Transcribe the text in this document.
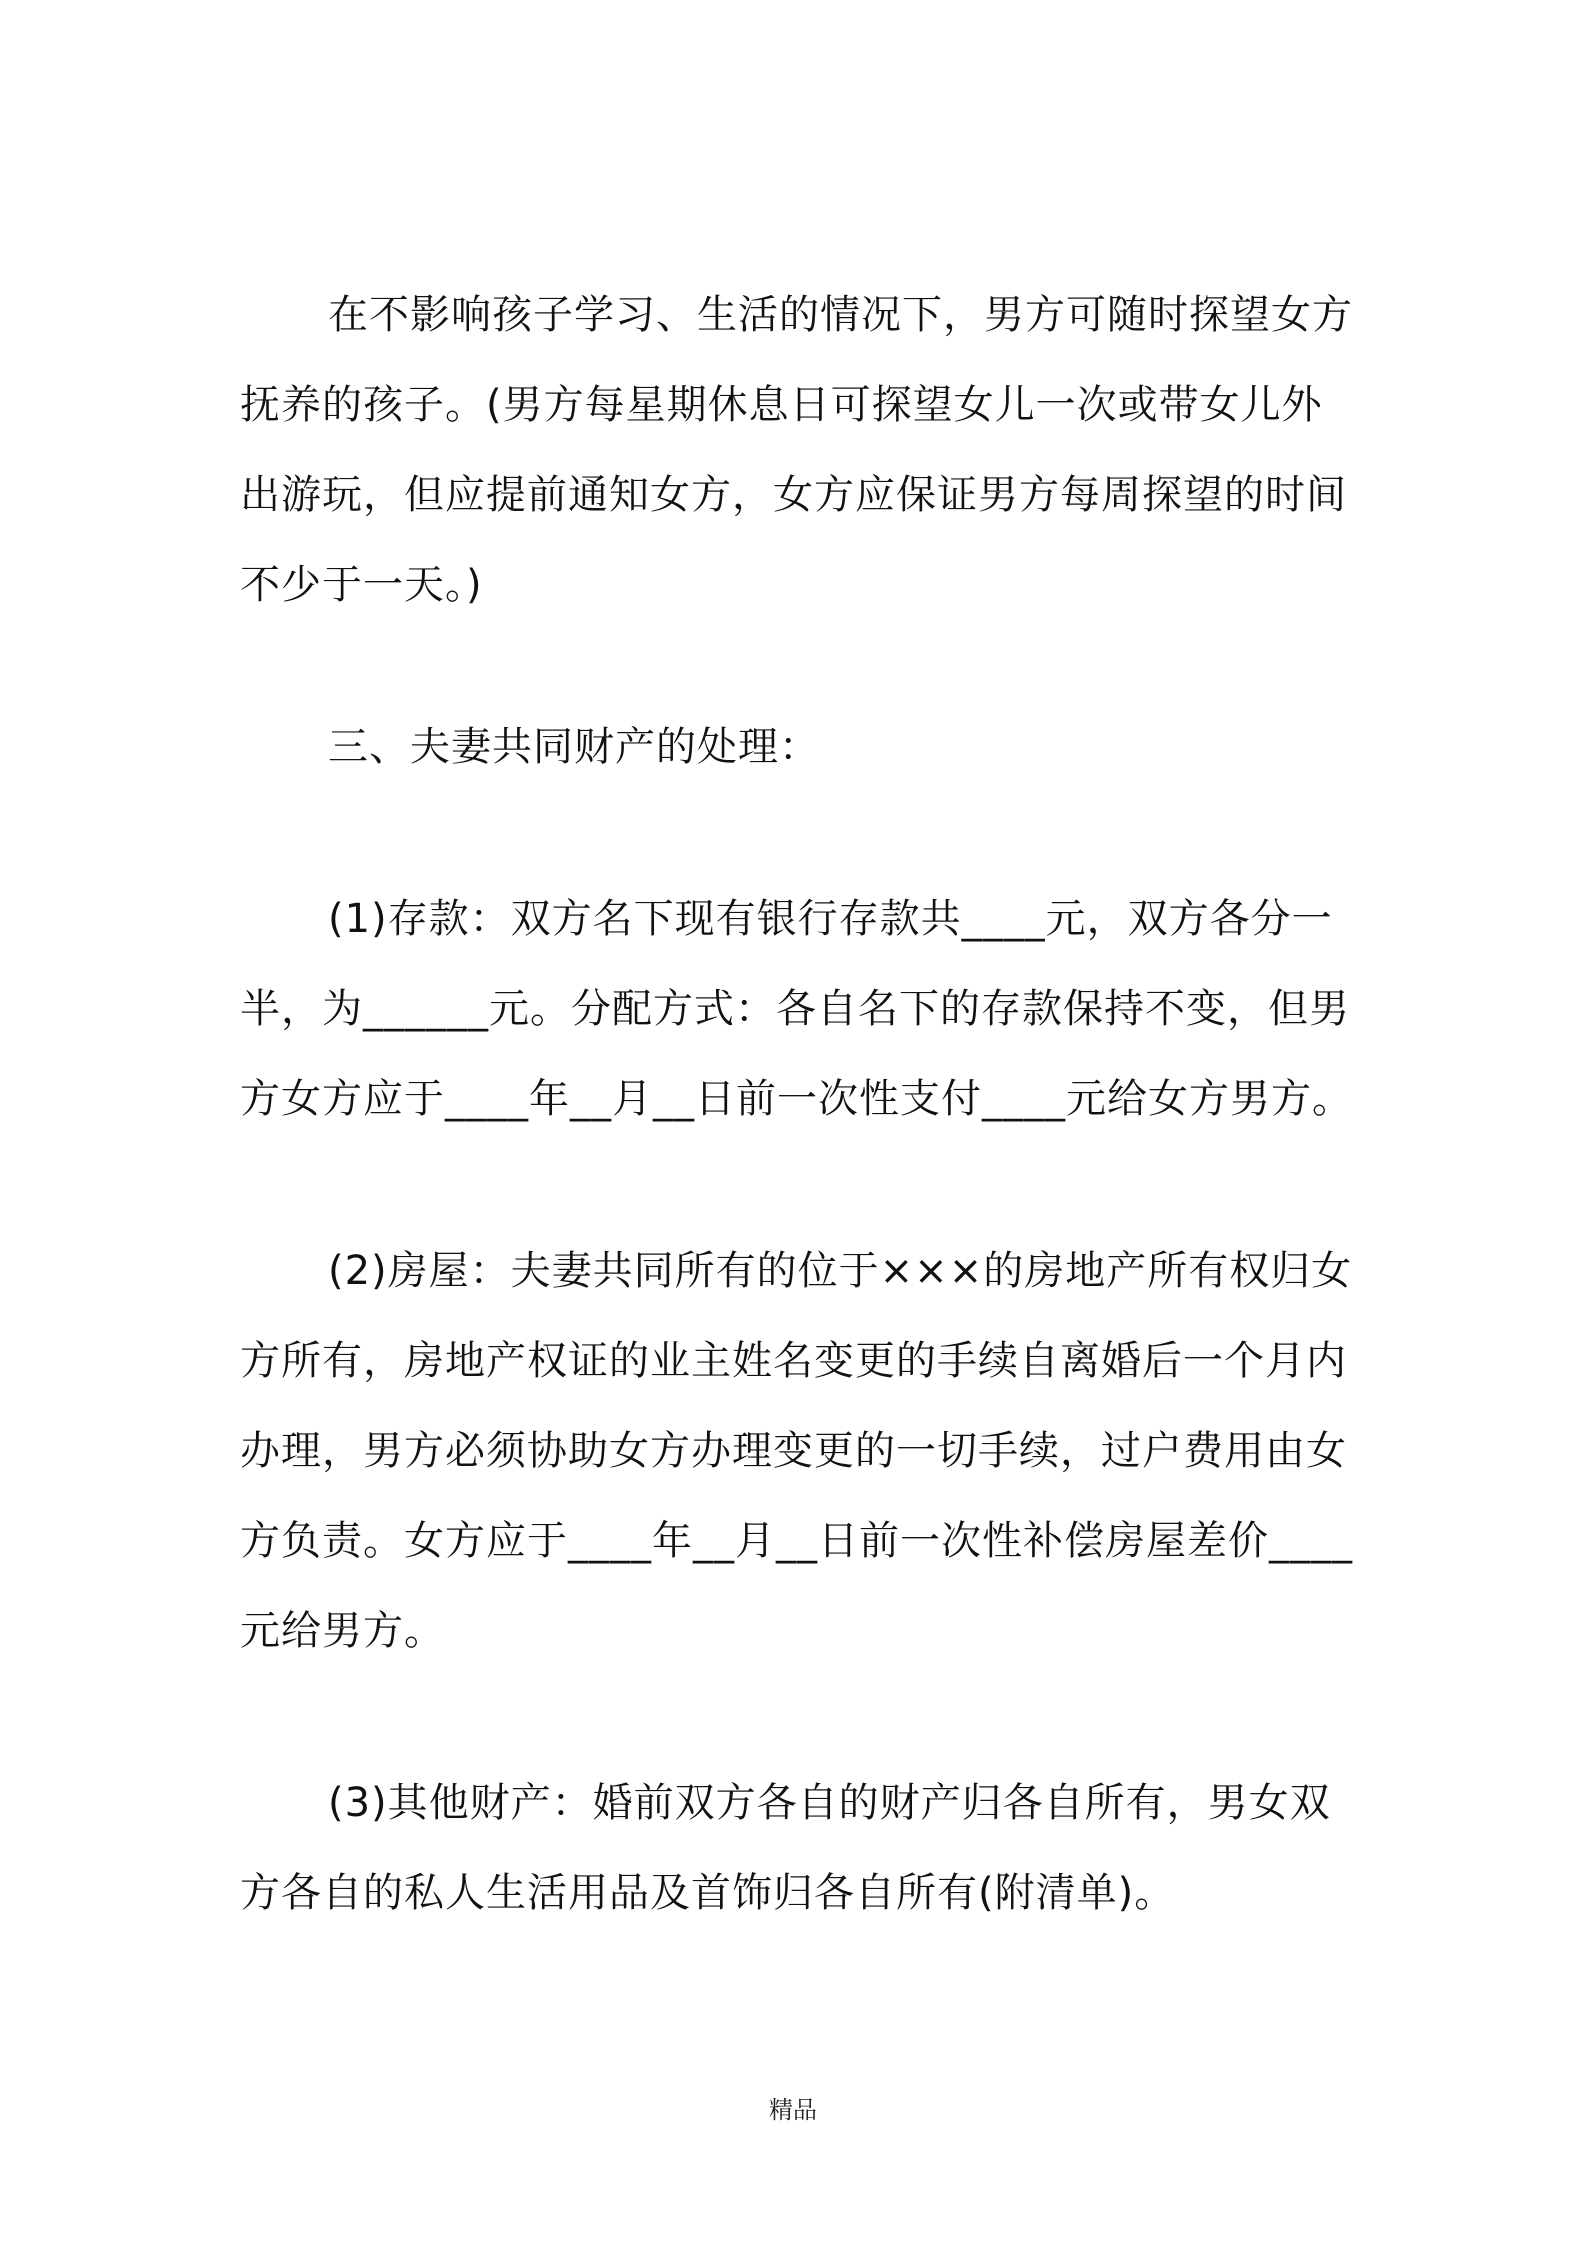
在不影响孩子学习、生活的情况下，男方可随时探望女方抚养的孩子。(男方每星期休息日可探望女儿一次或带女儿外出游玩，但应提前通知女方，女方应保证男方每周探望的时间不少于一天。)

三、夫妻共同财产的处理：

(1)存款：双方名下现有银行存款共____元，双方各分一半，为______元。分配方式：各自名下的存款保持不变，但男方女方应于____年__月__日前一次性支付____元给女方男方。

(2)房屋：夫妻共同所有的位于×××的房地产所有权归女方所有，房地产权证的业主姓名变更的手续自离婚后一个月内办理，男方必须协助女方办理变更的一切手续，过户费用由女方负责。女方应于____年__月__日前一次性补偿房屋差价____元给男方。

(3)其他财产：婚前双方各自的财产归各自所有，男女双方各自的私人生活用品及首饰归各自所有(附清单)。

精品
